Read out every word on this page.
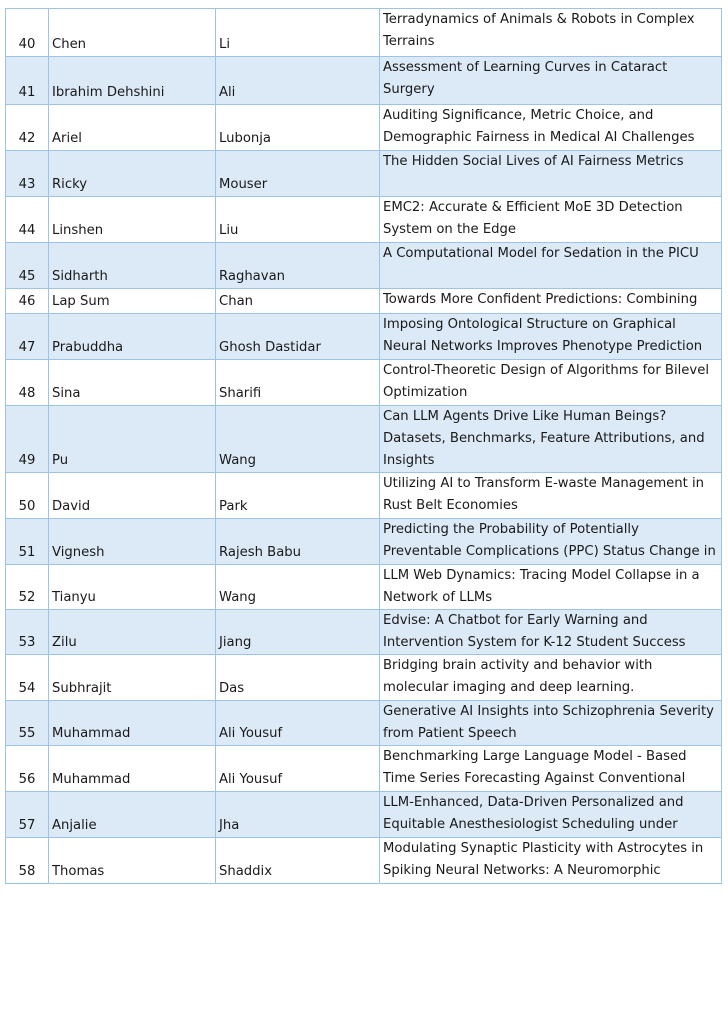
40	Chen	Li	Terradynamics of Animals & Robots in Complex Terrains

41	Ibrahim Dehshini	Ali	Assessment of Learning Curves in Cataract Surgery

42	Ariel	Lubonja	Auditing Significance, Metric Choice, and Demographic Fairness in Medical AI Challenges

43	Ricky	Mouser	The Hidden Social Lives of AI Fairness Metrics

44	Linshen	Liu	EMC2: Accurate & Efficient MoE 3D Detection System on the Edge

45	Sidharth	Raghavan	A Computational Model for Sedation in the PICU

46	Lap Sum	Chan	Towards More Confident Predictions: Combining

47	Prabuddha	Ghosh Dastidar	Imposing Ontological Structure on Graphical Neural Networks Improves Phenotype Prediction

48	Sina	Sharifi	Control-Theoretic Design of Algorithms for Bilevel Optimization

49	Pu	Wang	Can LLM Agents Drive Like Human Beings? Datasets, Benchmarks, Feature Attributions, and Insights

50	David	Park	Utilizing AI to Transform E-waste Management in Rust Belt Economies

51	Vignesh	Rajesh Babu	Predicting the Probability of Potentially Preventable Complications (PPC) Status Change in

52	Tianyu	Wang	LLM Web Dynamics: Tracing Model Collapse in a Network of LLMs

53	Zilu	Jiang	Edvise: A Chatbot for Early Warning and Intervention System for K-12 Student Success

54	Subhrajit	Das	Bridging brain activity and behavior with molecular imaging and deep learning.

55	Muhammad	Ali Yousuf	Generative AI Insights into Schizophrenia Severity from Patient Speech

56	Muhammad	Ali Yousuf	Benchmarking Large Language Model - Based Time Series Forecasting Against Conventional

57	Anjalie	Jha	LLM-Enhanced, Data-Driven Personalized and Equitable Anesthesiologist Scheduling under

58	Thomas	Shaddix	Modulating Synaptic Plasticity with Astrocytes in Spiking Neural Networks: A Neuromorphic
